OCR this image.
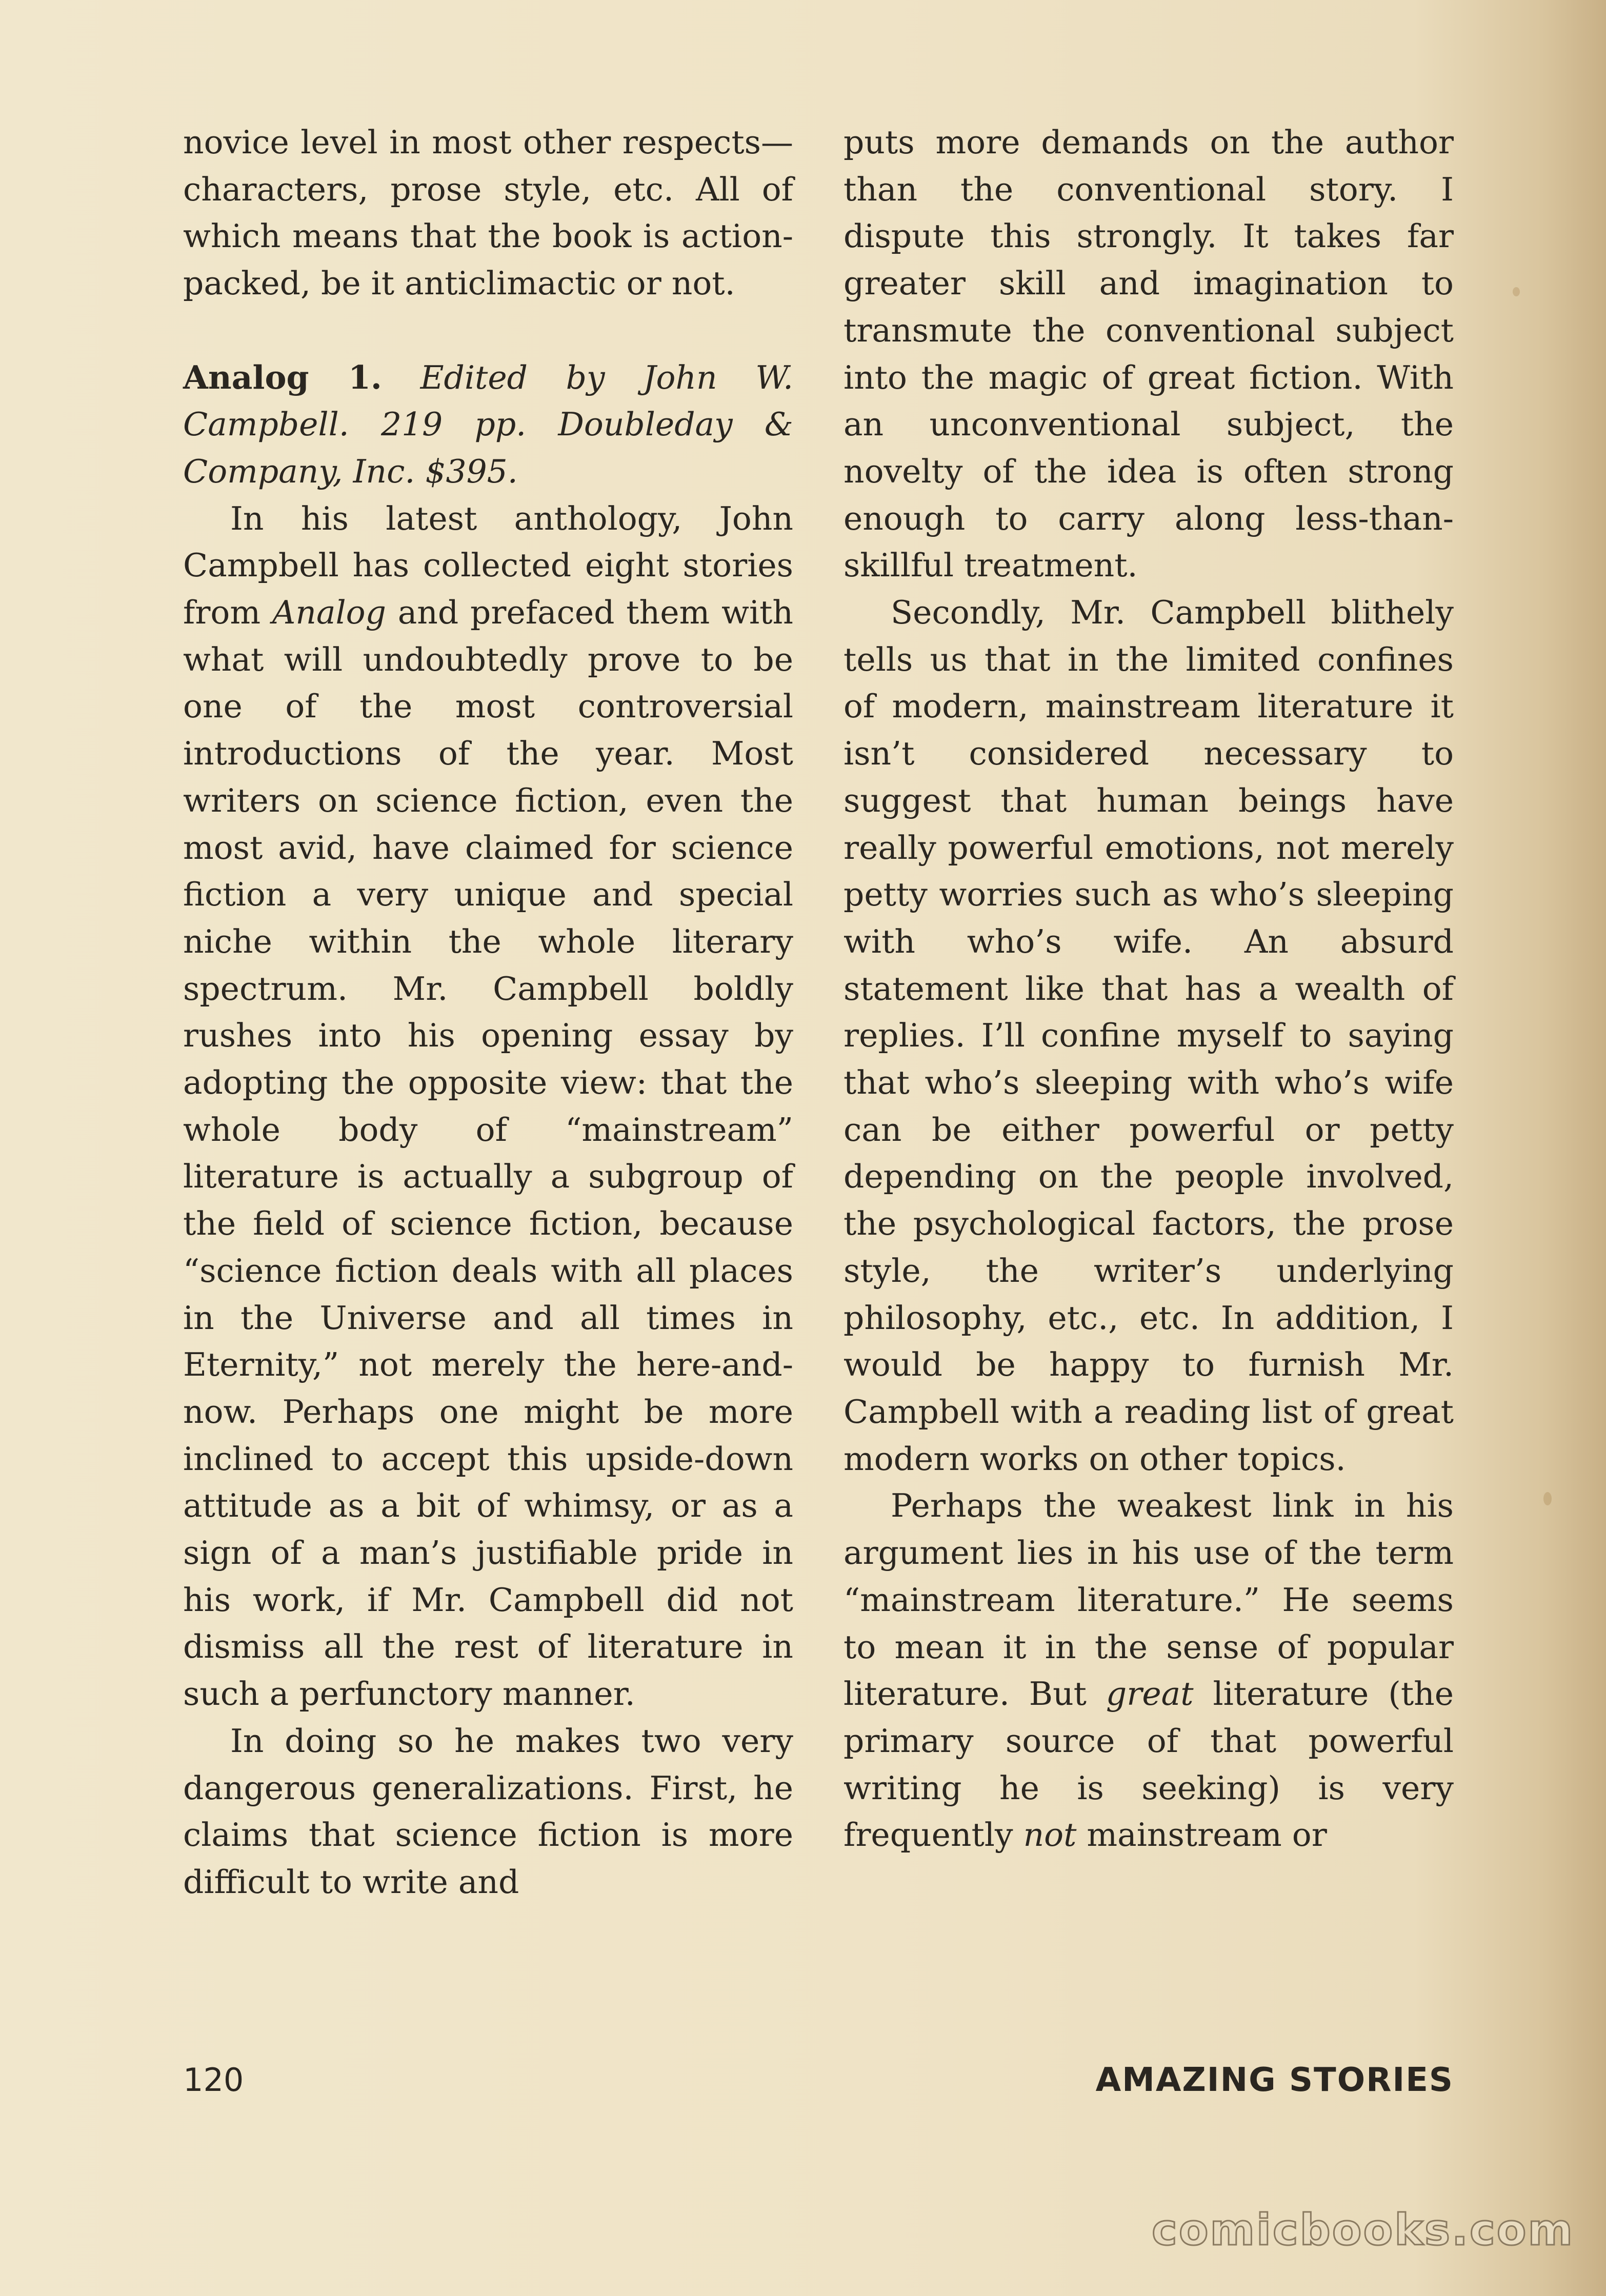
novice level in most other respects—characters, prose style, etc. All of which means that the book is action-packed, be it anticlimactic or not.

Analog 1. Edited by John W. Campbell. 219 pp. Doubleday & Company, Inc. $395.

In his latest anthology, John Campbell has collected eight stories from Analog and prefaced them with what will undoubtedly prove to be one of the most controversial introductions of the year. Most writers on science fiction, even the most avid, have claimed for science fiction a very unique and special niche within the whole literary spectrum. Mr. Campbell boldly rushes into his opening essay by adopting the opposite view: that the whole body of “mainstream” literature is actually a subgroup of the field of science fiction, because “science fiction deals with all places in the Universe and all times in Eternity,” not merely the here-and-now. Perhaps one might be more inclined to accept this upside-down attitude as a bit of whimsy, or as a sign of a man’s justifiable pride in his work, if Mr. Campbell did not dismiss all the rest of literature in such a perfunctory manner.

In doing so he makes two very dangerous generalizations. First, he claims that science fiction is more difficult to write and

puts more demands on the author than the conventional story. I dispute this strongly. It takes far greater skill and imagination to transmute the conventional subject into the magic of great fiction. With an unconventional subject, the novelty of the idea is often strong enough to carry along less-than-skillful treatment.

Secondly, Mr. Campbell blithely tells us that in the limited confines of modern, mainstream literature it isn’t considered necessary to suggest that human beings have really powerful emotions, not merely petty worries such as who’s sleeping with who’s wife. An absurd statement like that has a wealth of replies. I’ll confine myself to saying that who’s sleeping with who’s wife can be either powerful or petty depending on the people involved, the psychological factors, the prose style, the writer’s underlying philosophy, etc., etc. In addition, I would be happy to furnish Mr. Campbell with a reading list of great modern works on other topics.

Perhaps the weakest link in his argument lies in his use of the term “mainstream literature.” He seems to mean it in the sense of popular literature. But great literature (the primary source of that powerful writing he is seeking) is very frequently not mainstream or

120	AMAZING STORIES
comicbooks.com
